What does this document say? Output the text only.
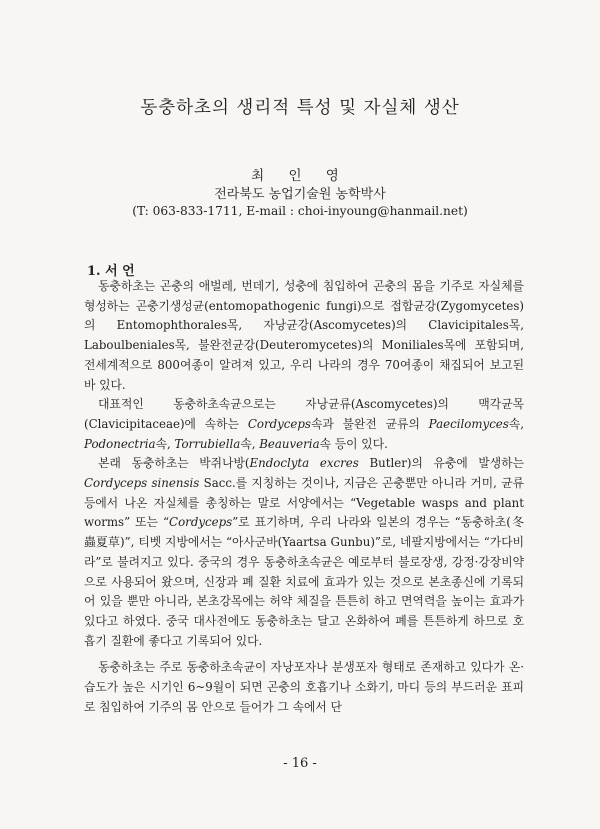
동충하초의 생리적 특성 및 자실체 생산
최 인 영
전라북도 농업기술원 농학박사
(T: 063-833-1711, E-mail : choi-inyoung@hanmail.net)
1. 서 언

동충하초는 곤충의 애벌레, 번데기, 성충에 침입하여 곤충의 몸을 기주로 자실체를 형성하는 곤충기생성균(entomopathogenic fungi)으로 접합균강(Zygomycetes)의 Entomophthorales목, 자낭균강(Ascomycetes)의 Clavicipitales목, Laboulbeniales목, 불완전균강(Deuteromycetes)의 Moniliales목에 포함되며, 전세계적으로 800여종이 알려져 있고, 우리 나라의 경우 70여종이 채집되어 보고된 바 있다.

대표적인 동충하초속균으로는 자낭균류(Ascomycetes)의 맥각균목(Clavicipitaceae)에 속하는 Cordyceps속과 불완전 균류의 Paecilomyces속, Podonectria속, Torrubiella속, Beauveria속 등이 있다.

본래 동충하초는 박쥐나방(Endoclyta excres Butler)의 유충에 발생하는 Cordyceps sinensis Sacc.를 지칭하는 것이나, 지금은 곤충뿐만 아니라 거미, 균류 등에서 나온 자실체를 총칭하는 말로 서양에서는 “Vegetable wasps and plant worms” 또는 “Cordyceps”로 표기하며, 우리 나라와 일본의 경우는 “동충하초(冬蟲夏草)”, 티벳 지방에서는 “아사군바(Yaartsa Gunbu)”로, 네팔지방에서는 “가다비라”로 불려지고 있다. 중국의 경우 동충하초속균은 예로부터 불로장생, 강정·강장비약으로 사용되어 왔으며, 신장과 폐 질환 치료에 효과가 있는 것으로 본초종신에 기록되어 있을 뿐만 아니라, 본초강목에는 허약 체질을 튼튼히 하고 면역력을 높이는 효과가 있다고 하였다. 중국 대사전에도 동충하초는 달고 온화하여 폐를 튼튼하게 하므로 호흡기 질환에 좋다고 기록되어 있다.

동충하초는 주로 동충하초속균이 자낭포자나 분생포자 형태로 존재하고 있다가 온·습도가 높은 시기인 6~9월이 되면 곤충의 호흡기나 소화기, 마디 등의 부드러운 표피로 침입하여 기주의 몸 안으로 들어가 그 속에서 단

- 16 -
